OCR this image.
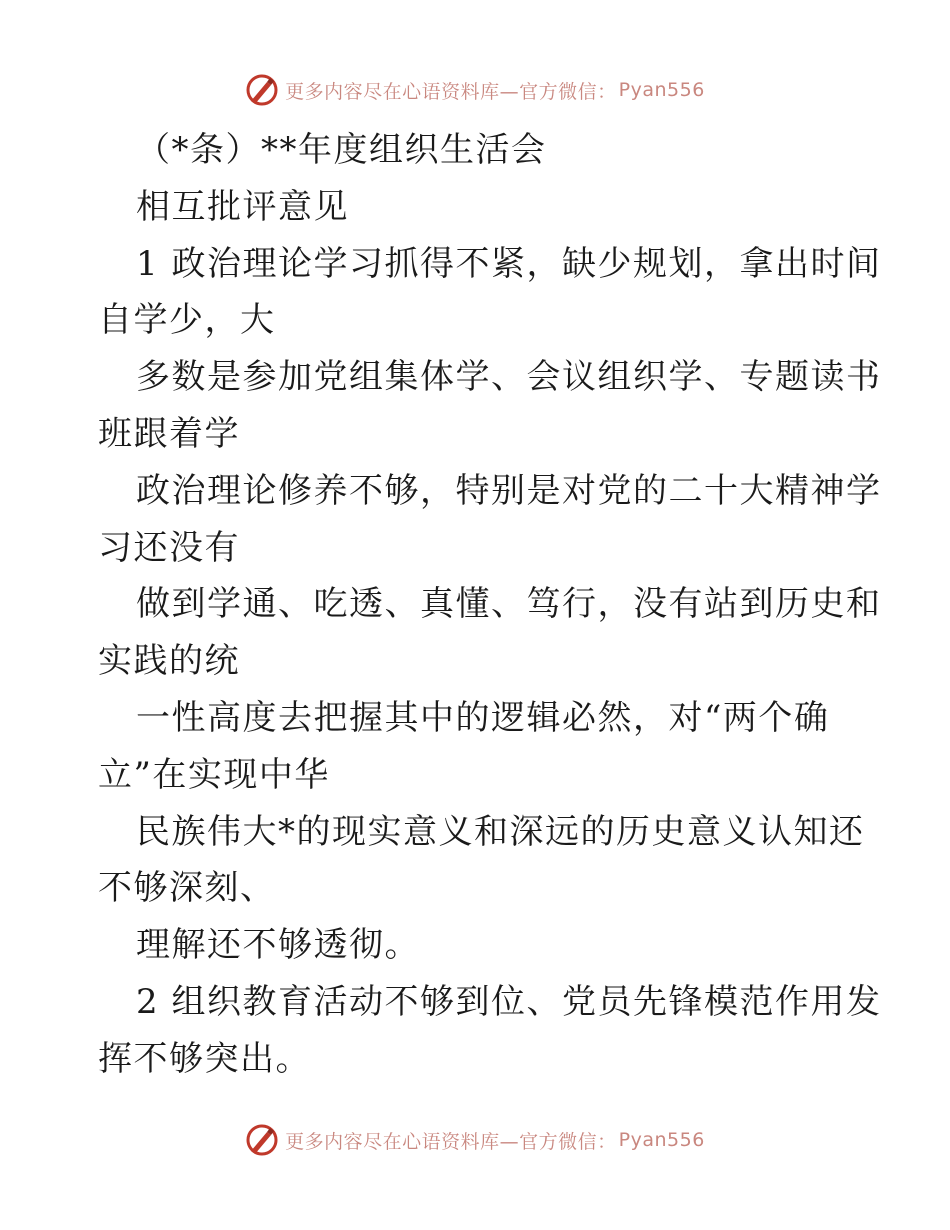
更多内容尽在心语资料库—官方微信： Pyan556
（*条）**年度组织生活会
相互批评意见
1 政治理论学习抓得不紧，缺少规划，拿出时间
自学少，大
多数是参加党组集体学、会议组织学、专题读书
班跟着学
政治理论修养不够，特别是对党的二十大精神学
习还没有
做到学通、吃透、真懂、笃行，没有站到历史和
实践的统
一性高度去把握其中的逻辑必然，对“两个确
立”在实现中华
民族伟大*的现实意义和深远的历史意义认知还
不够深刻、
理解还不够透彻。
2 组织教育活动不够到位、党员先锋模范作用发
挥不够突出。
更多内容尽在心语资料库—官方微信： Pyan556
